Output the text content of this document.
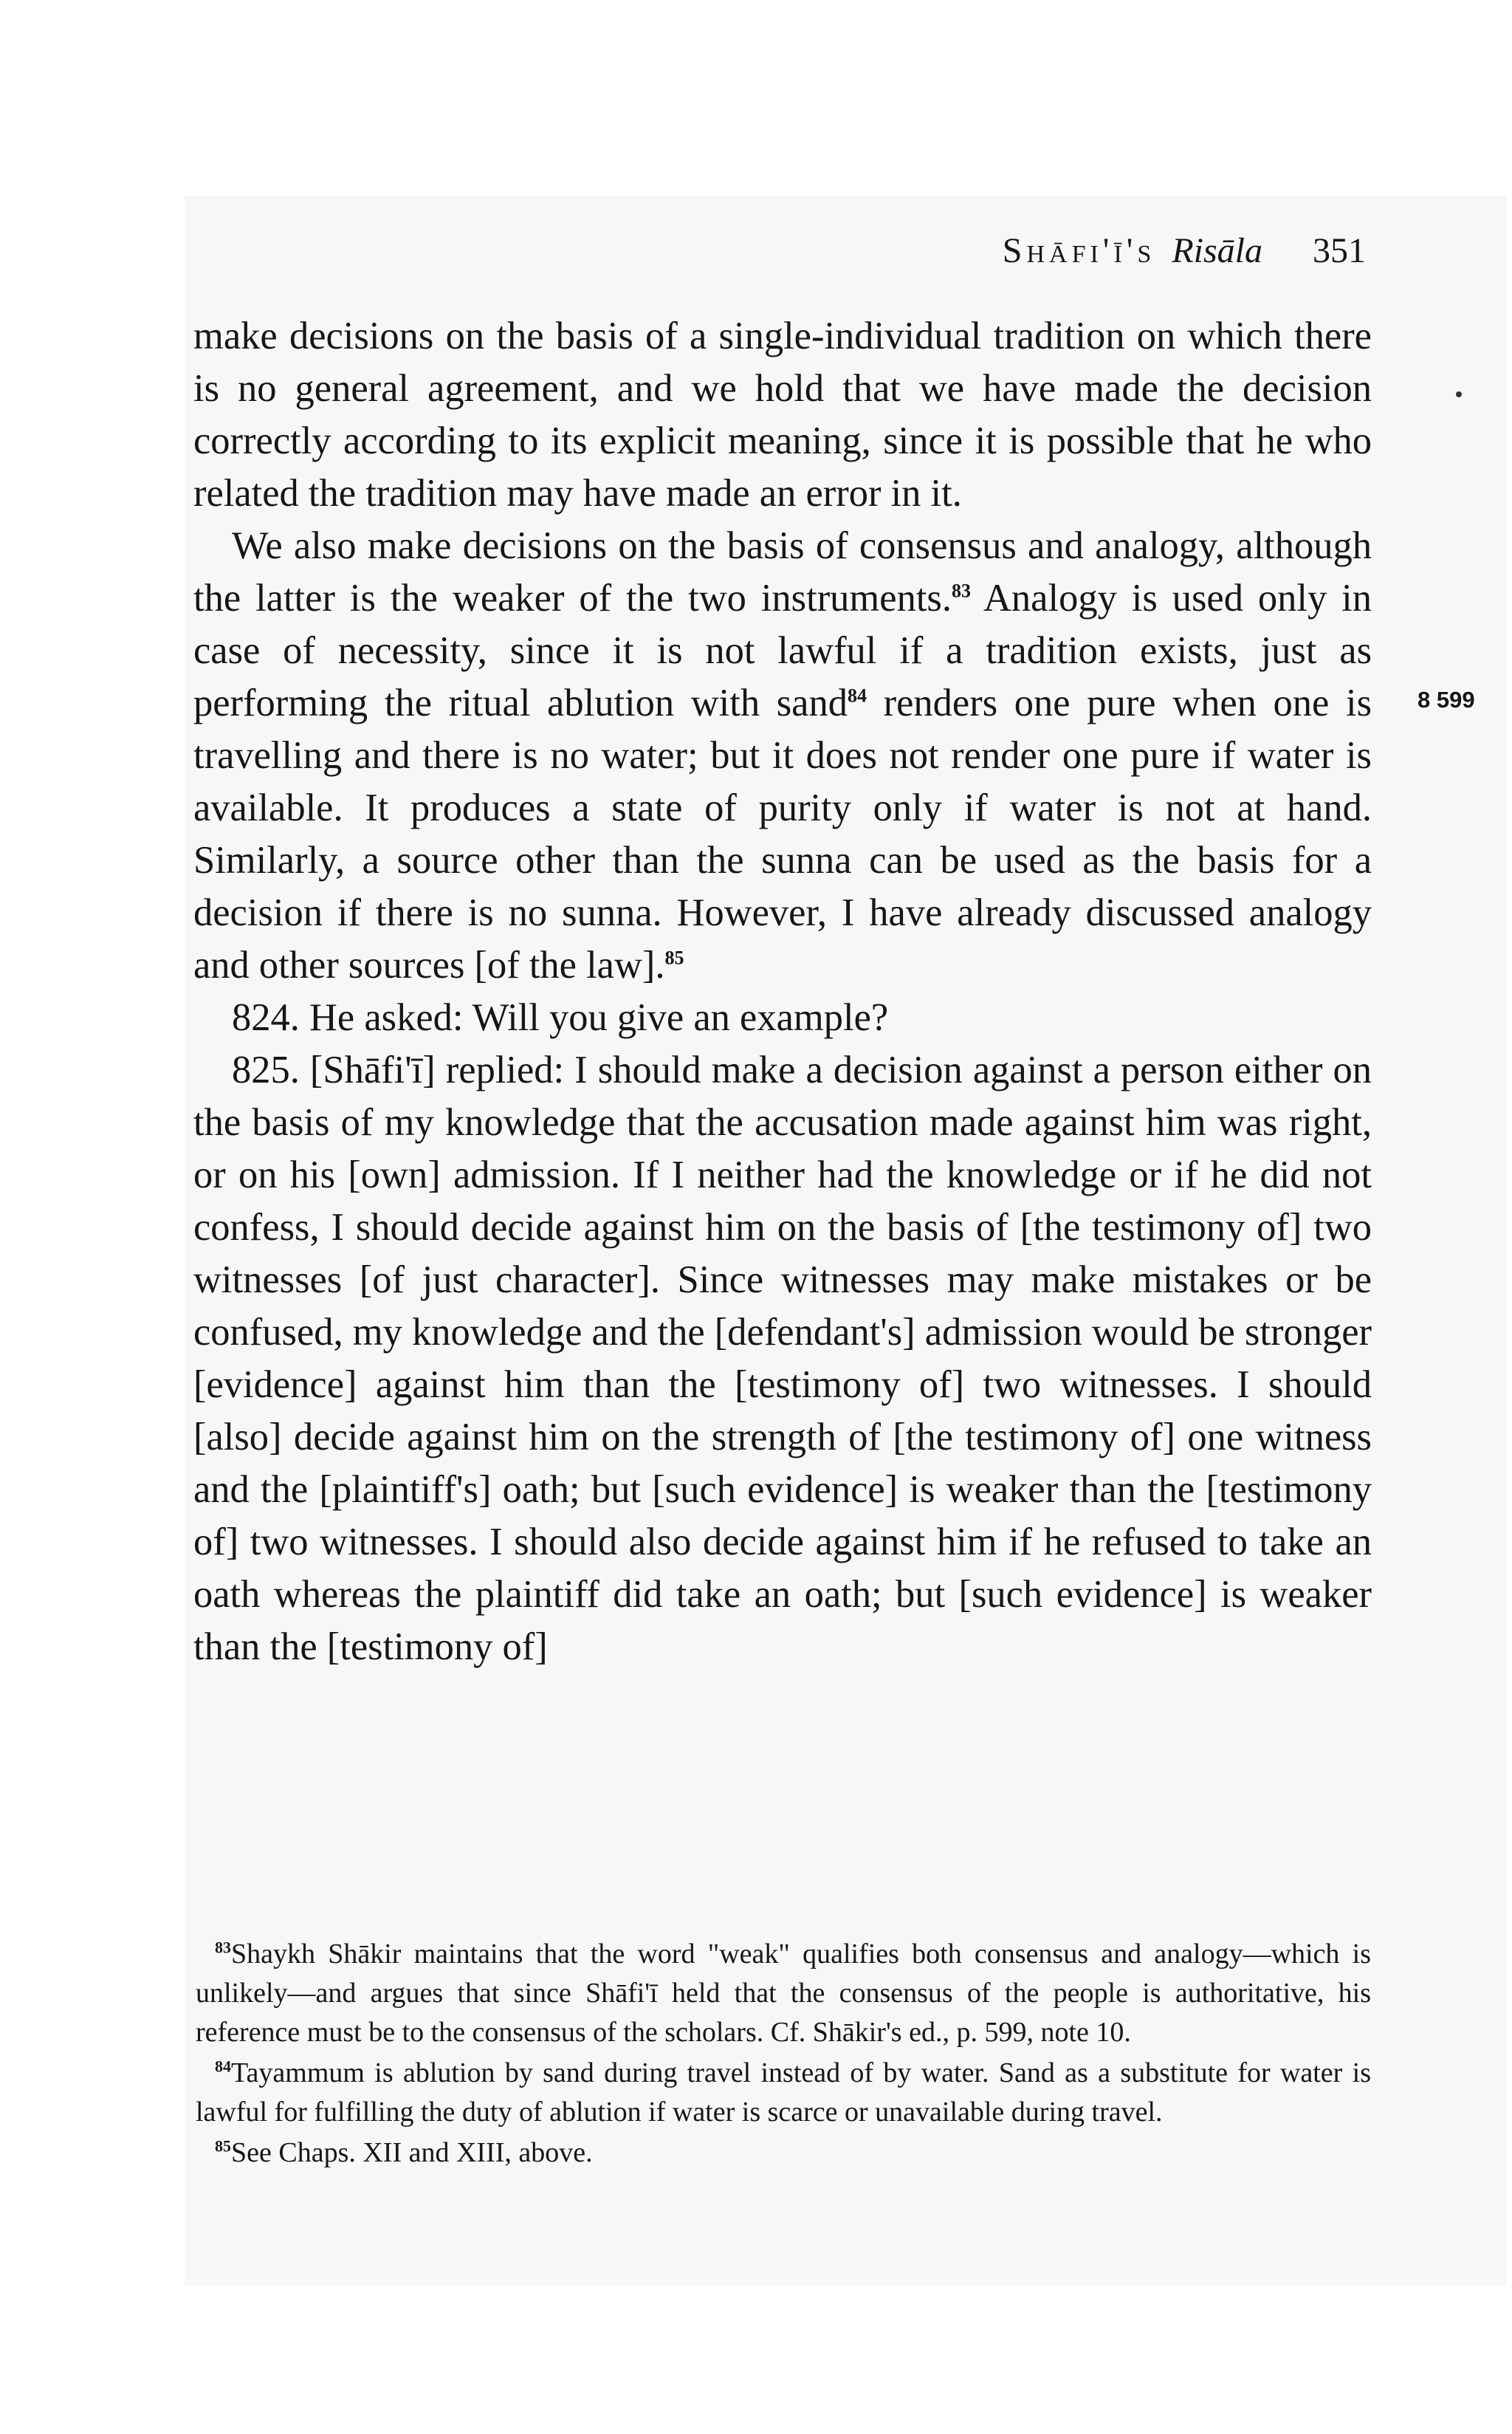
Shāfi'ī's Risāla 351
8 599

make decisions on the basis of a single-individual tradition on which there is no general agreement, and we hold that we have made the decision correctly according to its explicit meaning, since it is possible that he who related the tradition may have made an error in it.

We also make decisions on the basis of consensus and analogy, although the latter is the weaker of the two instruments.$^{83}$ Analogy is used only in case of necessity, since it is not lawful if a tradition exists, just as performing the ritual ablution with sand$^{84}$ renders one pure when one is travelling and there is no water; but it does not render one pure if water is available. It produces a state of purity only if water is not at hand. Similarly, a source other than the sunna can be used as the basis for a decision if there is no sunna. However, I have already discussed analogy and other sources [of the law].$^{85}$

824. He asked: Will you give an example?

825. [Shāfi'ī] replied: I should make a decision against a person either on the basis of my knowledge that the accusation made against him was right, or on his [own] admission. If I neither had the knowledge or if he did not confess, I should decide against him on the basis of [the testimony of] two witnesses [of just character]. Since witnesses may make mistakes or be confused, my knowledge and the [defendant's] admission would be stronger [evidence] against him than the [testimony of] two witnesses. I should [also] decide against him on the strength of [the testimony of] one witness and the [plaintiff's] oath; but [such evidence] is weaker than the [testimony of] two witnesses. I should also decide against him if he refused to take an oath whereas the plaintiff did take an oath; but [such evidence] is weaker than the [testimony of]

$^{83}$Shaykh Shākir maintains that the word "weak" qualifies both consensus and analogy—which is unlikely—and argues that since Shāfi'ī held that the consensus of the people is authoritative, his reference must be to the consensus of the scholars. Cf. Shākir's ed., p. 599, note 10.

$^{84}$Tayammum is ablution by sand during travel instead of by water. Sand as a substitute for water is lawful for fulfilling the duty of ablution if water is scarce or unavailable during travel.

$^{85}$See Chaps. XII and XIII, above.
